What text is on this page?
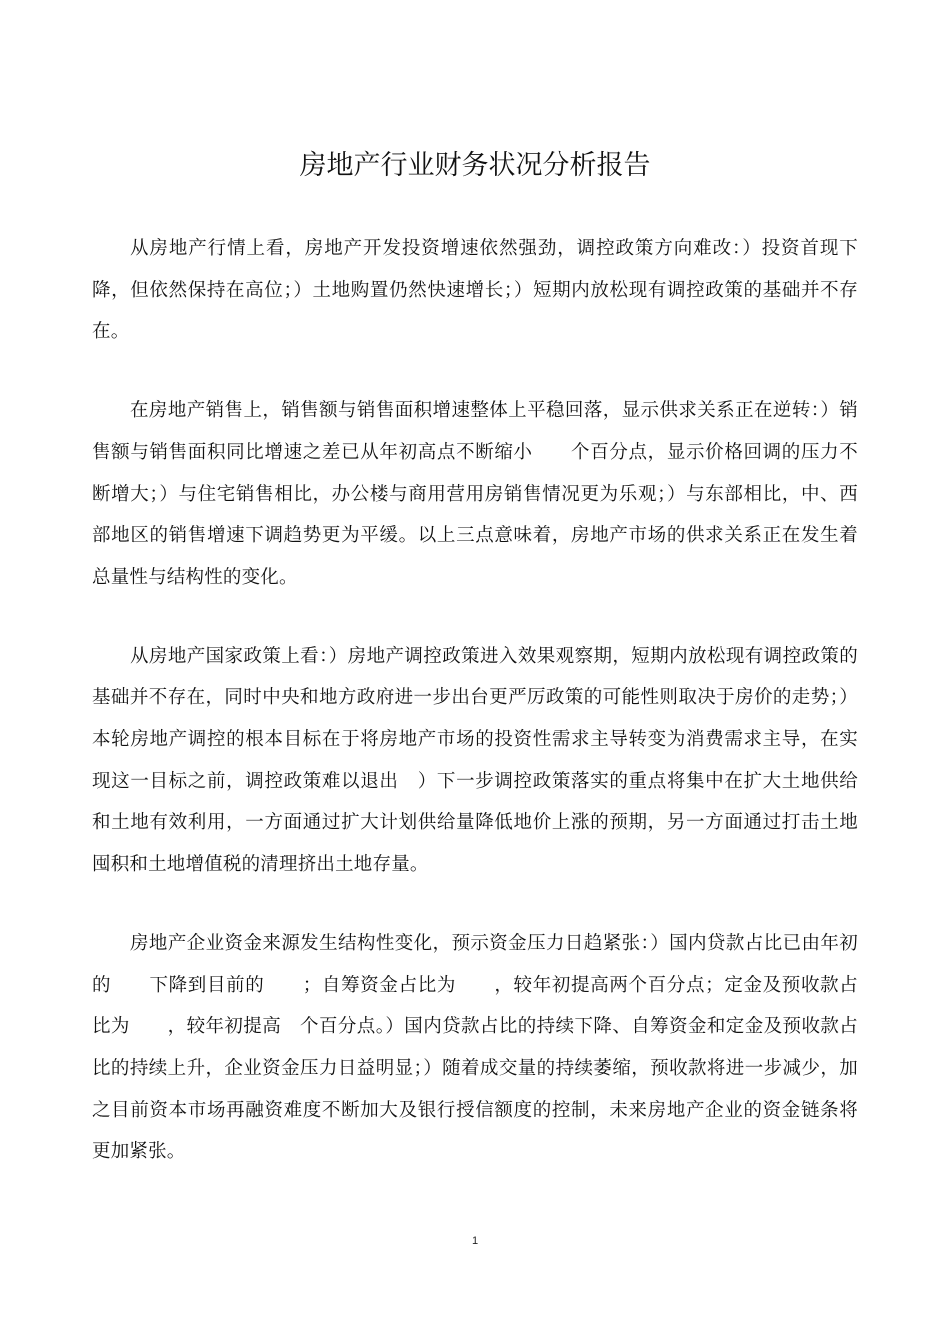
房地产行业财务状况分析报告

从房地产行情上看，房地产开发投资增速依然强劲，调控政策方向难改：）投资首现下降，但依然保持在高位；）土地购置仍然快速增长；）短期内放松现有调控政策的基础并不存在。

在房地产销售上，销售额与销售面积增速整体上平稳回落，显示供求关系正在逆转：）销售额与销售面积同比增速之差已从年初高点不断缩小　　个百分点，显示价格回调的压力不断增大；）与住宅销售相比，办公楼与商用营用房销售情况更为乐观；）与东部相比，中、西部地区的销售增速下调趋势更为平缓。以上三点意味着，房地产市场的供求关系正在发生着总量性与结构性的变化。

从房地产国家政策上看：）房地产调控政策进入效果观察期，短期内放松现有调控政策的基础并不存在，同时中央和地方政府进一步出台更严厉政策的可能性则取决于房价的走势；）本轮房地产调控的根本目标在于将房地产市场的投资性需求主导转变为消费需求主导，在实现这一目标之前，调控政策难以退出　）下一步调控政策落实的重点将集中在扩大土地供给和土地有效利用，一方面通过扩大计划供给量降低地价上涨的预期，另一方面通过打击土地囤积和土地增值税的清理挤出土地存量。

房地产企业资金来源发生结构性变化，预示资金压力日趋紧张：）国内贷款占比已由年初的　　下降到目前的　　；自筹资金占比为　　，较年初提高两个百分点；定金及预收款占比为　　，较年初提高　个百分点。）国内贷款占比的持续下降、自筹资金和定金及预收款占比的持续上升，企业资金压力日益明显；）随着成交量的持续萎缩，预收款将进一步减少，加之目前资本市场再融资难度不断加大及银行授信额度的控制，未来房地产企业的资金链条将更加紧张。

1
